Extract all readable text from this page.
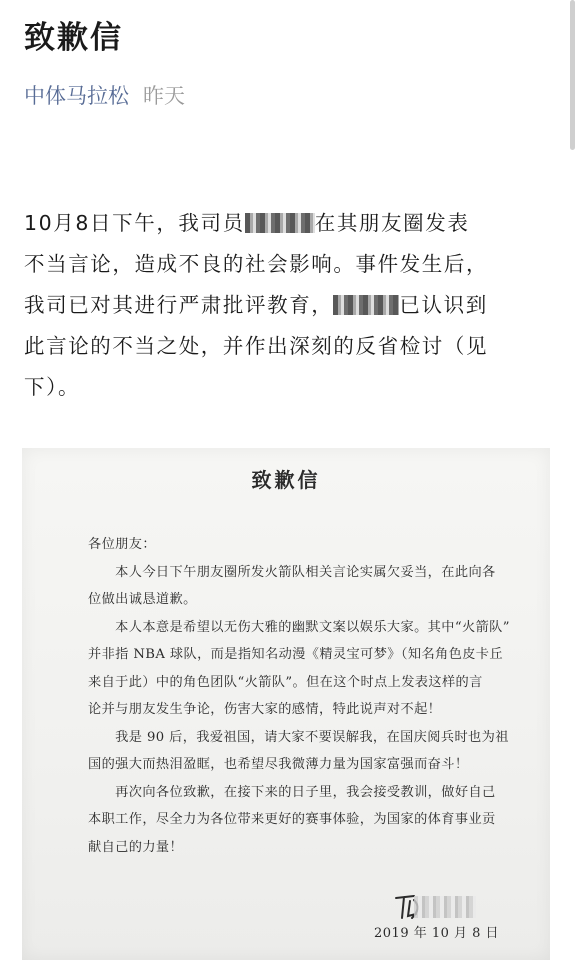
致歉信
中体马拉松 昨天
10月8日下午，我司员	在其朋友圈发表
不当言论，造成不良的社会影响。事件发生后，
我司已对其进行严肃批评教育，	已认识到
此言论的不当之处，并作出深刻的反省检讨（见
下）。
致歉信
各位朋友：
　　本人今日下午朋友圈所发火箭队相关言论实属欠妥当，在此向各
位做出诚恳道歉。
　　本人本意是希望以无伤大雅的幽默文案以娱乐大家。其中“火箭队”
并非指 NBA 球队，而是指知名动漫《精灵宝可梦》（知名角色皮卡丘
来自于此）中的角色团队“火箭队”。但在这个时点上发表这样的言
论并与朋友发生争论，伤害大家的感情，特此说声对不起！
　　我是 90 后，我爱祖国，请大家不要误解我，在国庆阅兵时也为祖
国的强大而热泪盈眶，也希望尽我微薄力量为国家富强而奋斗！
　　再次向各位致歉，在接下来的日子里，我会接受教训，做好自己
本职工作，尽全力为各位带来更好的赛事体验，为国家的体育事业贡
献自己的力量！
2019 年 10 月 8 日
